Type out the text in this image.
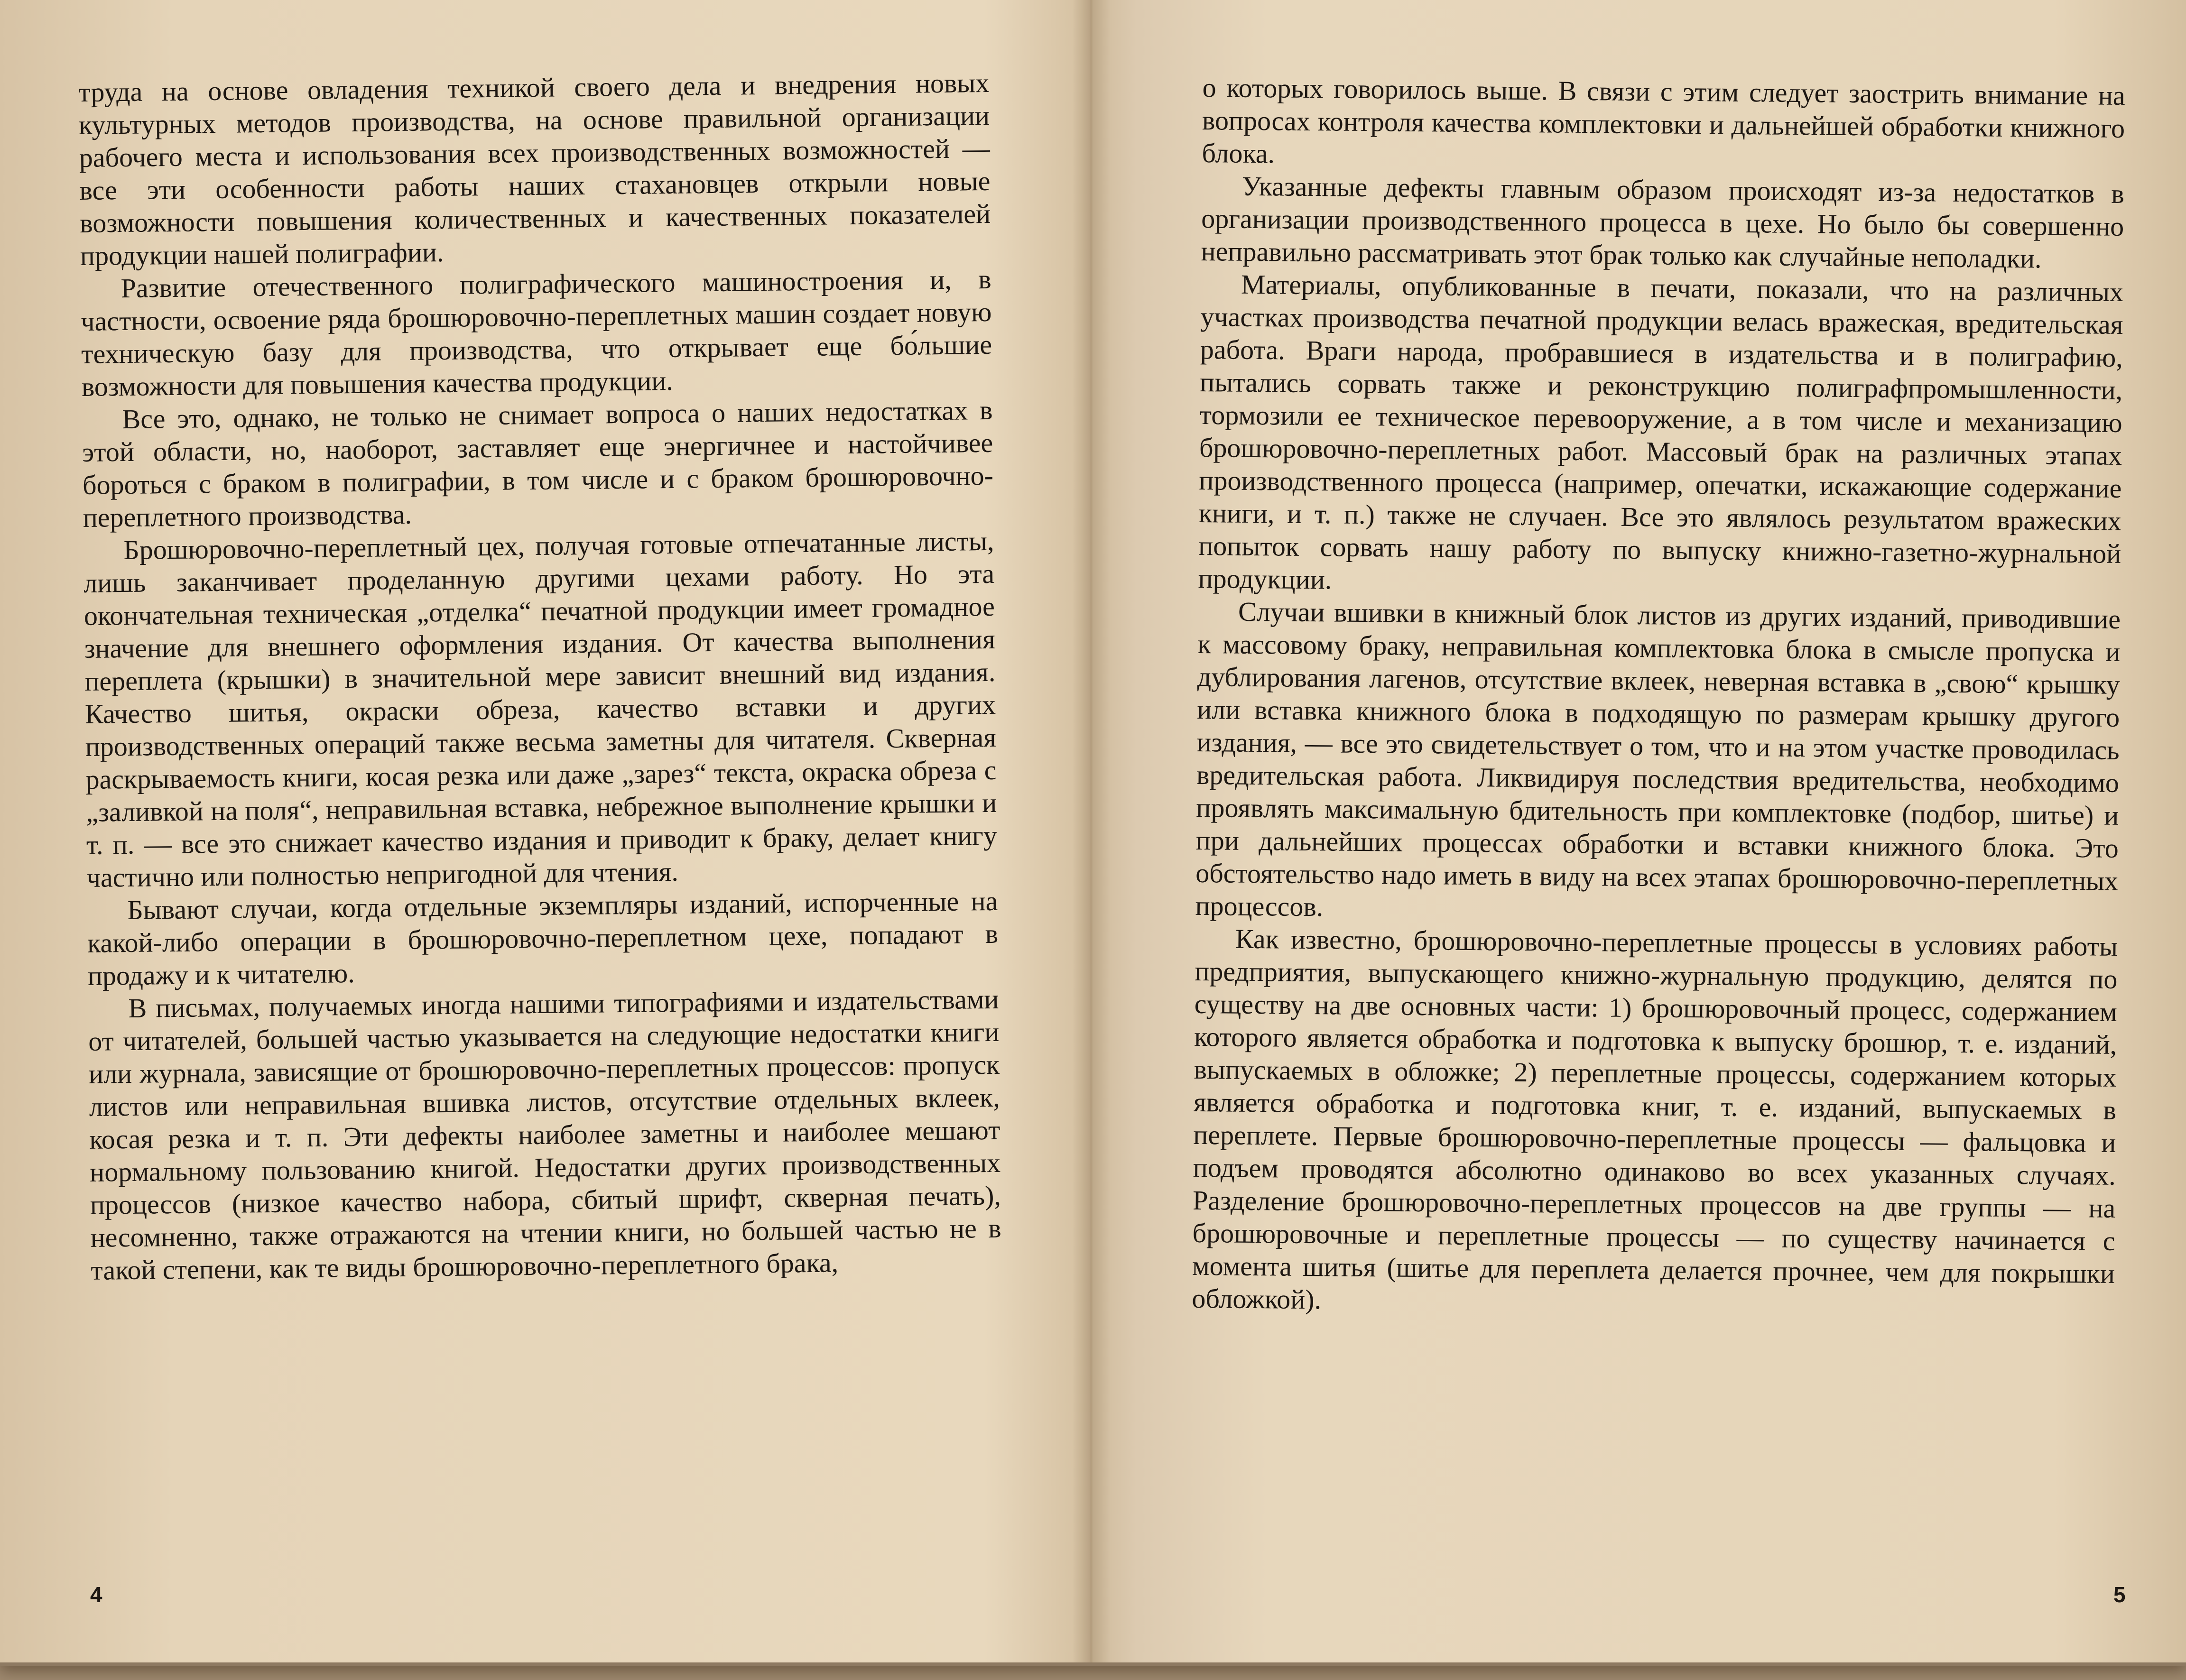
труда на основе овладения техникой своего дела и внедрения новых культурных методов производства, на основе правильной организации рабочего места и использования всех производственных возможностей — все эти особенности работы наших стахановцев открыли новые возможности повышения количественных и качественных показателей продукции нашей полиграфии.

Развитие отечественного полиграфического машиностроения и, в частности, освоение ряда брошюровочно-переплетных машин создает новую техническую базу для производства, что открывает еще бо́льшие возможности для повышения качества продукции.

Все это, однако, не только не снимает вопроса о наших недостатках в этой области, но, наоборот, заставляет еще энергичнее и настойчивее бороться с браком в полиграфии, в том числе и с браком брошюровочно-переплетного производства.

Брошюровочно-переплетный цех, получая готовые отпечатанные листы, лишь заканчивает проделанную другими цехами работу. Но эта окончательная техническая „отделка“ печатной продукции имеет громадное значение для внешнего оформления издания. От качества выполнения переплета (крышки) в значительной мере зависит внешний вид издания. Качество шитья, окраски обреза, качество вставки и других производственных операций также весьма заметны для читателя. Скверная раскрываемость книги, косая резка или даже „зарез“ текста, окраска обреза с „заливкой на поля“, неправильная вставка, небрежное выполнение крышки и т. п. — все это снижает качество издания и приводит к браку, делает книгу частично или полностью непригодной для чтения.

Бывают случаи, когда отдельные экземпляры изданий, испорченные на какой-либо операции в брошюровочно-переплетном цехе, попадают в продажу и к читателю.

В письмах, получаемых иногда нашими типографиями и издательствами от читателей, большей частью указывается на следующие недостатки книги или журнала, зависящие от брошюровочно-переплетных процессов: пропуск листов или неправильная вшивка листов, отсутствие отдельных вклеек, косая резка и т. п. Эти дефекты наиболее заметны и наиболее мешают нормальному пользованию книгой. Недостатки других производственных процессов (низкое качество набора, сбитый шрифт, скверная печать), несомненно, также отражаются на чтении книги, но большей частью не в такой степени, как те виды брошюровочно-переплетного брака,

4

о которых говорилось выше. В связи с этим следует заострить внимание на вопросах контроля качества комплектовки и дальнейшей обработки книжного блока.

Указанные дефекты главным образом происходят из-за недостатков в организации производственного процесса в цехе. Но было бы совершенно неправильно рассматривать этот брак только как случайные неполадки.

Материалы, опубликованные в печати, показали, что на различных участках производства печатной продукции велась вражеская, вредительская работа. Враги народа, пробравшиеся в издательства и в полиграфию, пытались сорвать также и реконструкцию полиграфпромышленности, тормозили ее техническое перевооружение, а в том числе и механизацию брошюровочно-переплетных работ. Массовый брак на различных этапах производственного процесса (например, опечатки, искажающие содержание книги, и т. п.) также не случаен. Все это являлось результатом вражеских попыток сорвать нашу работу по выпуску книжно-газетно-журнальной продукции.

Случаи вшивки в книжный блок листов из других изданий, приводившие к массовому браку, неправильная комплектовка блока в смысле пропуска и дублирования лагенов, отсутствие вклеек, неверная вставка в „свою“ крышку или вставка книжного блока в подходящую по размерам крышку другого издания, — все это свидетельствует о том, что и на этом участке проводилась вредительская работа. Ликвидируя последствия вредительства, необходимо проявлять максимальную бдительность при комплектовке (подбор, шитье) и при дальнейших процессах обработки и вставки книжного блока. Это обстоятельство надо иметь в виду на всех этапах брошюровочно-переплетных процессов.

Как известно, брошюровочно-переплетные процессы в условиях работы предприятия, выпускающего книжно-журнальную продукцию, делятся по существу на две основных части: 1) брошюровочный процесс, содержанием которого является обработка и подготовка к выпуску брошюр, т. е. изданий, выпускаемых в обложке; 2) переплетные процессы, содержанием которых является обработка и подготовка книг, т. е. изданий, выпускаемых в переплете. Первые брошюровочно-переплетные процессы — фальцовка и подъем проводятся абсолютно одинаково во всех указанных случаях. Разделение брошюровочно-переплетных процессов на две группы — на брошюровочные и переплетные процессы — по существу начинается с момента шитья (шитье для переплета делается прочнее, чем для покрышки обложкой).

5
